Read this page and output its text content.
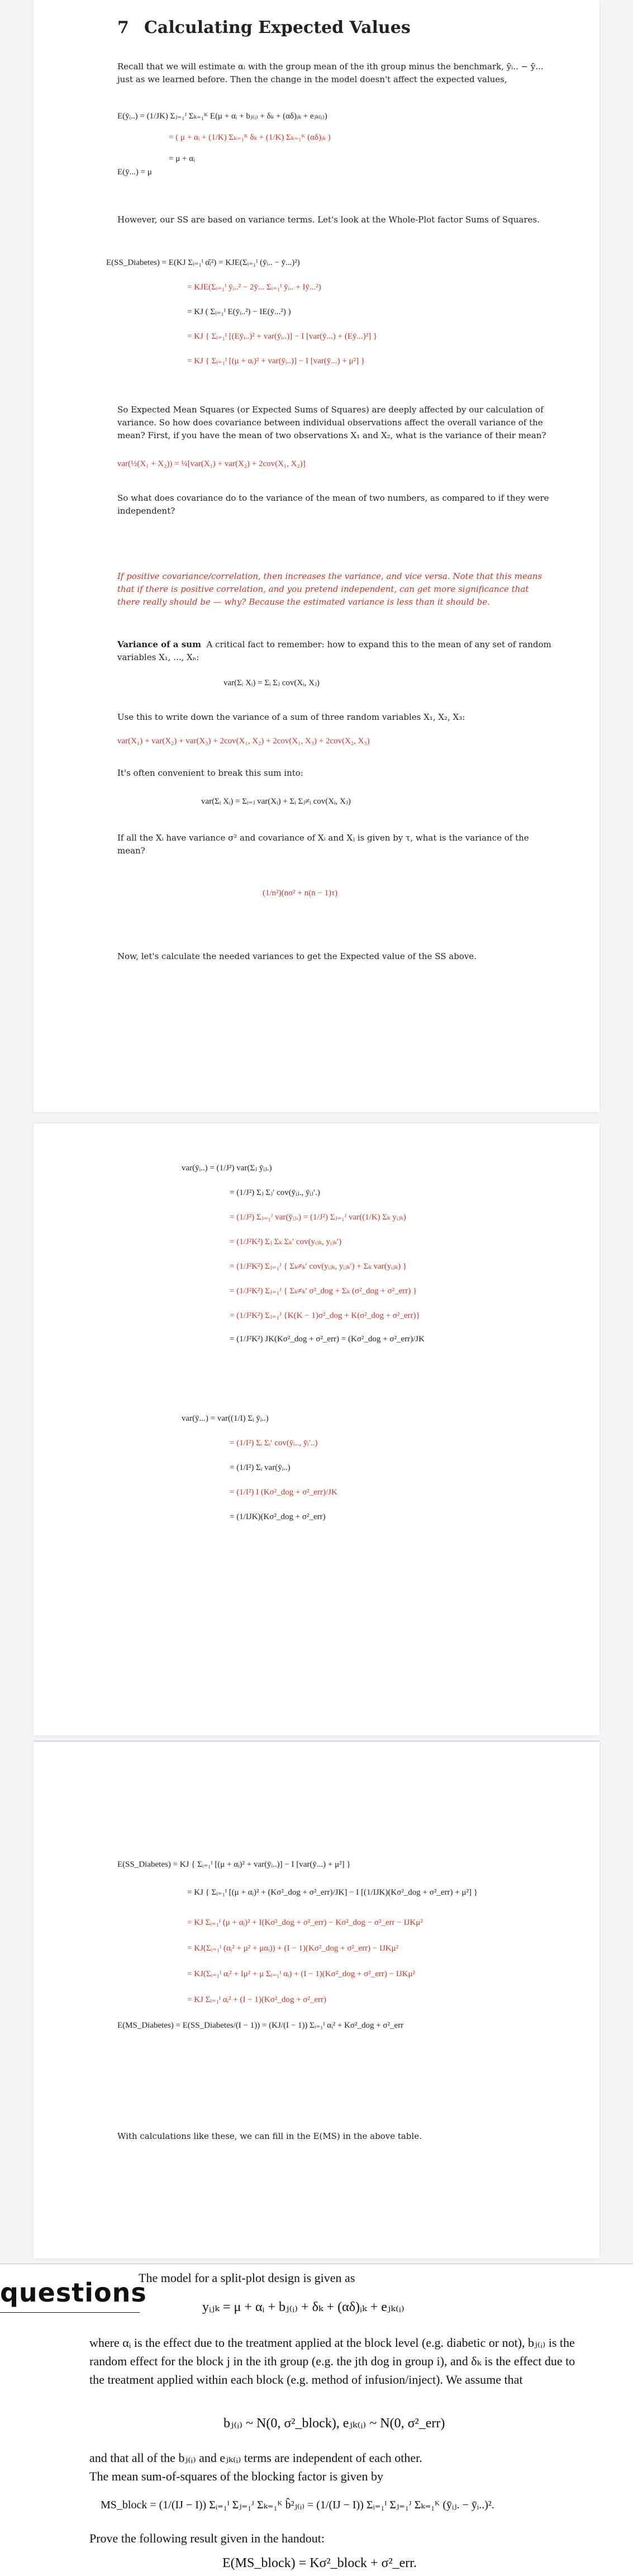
7 Calculating Expected Values
Recall that we will estimate αᵢ with the group mean of the ith group minus the benchmark, ȳᵢ.. − ȳ... just as we learned before. Then the change in the model doesn't affect the expected values,
E(ȳᵢ..) = (1/JK) Σⱼ₌₁ᴶ Σₖ₌₁ᴷ E(μ + αᵢ + bⱼ₍ᵢ₎ + δₖ + (αδ)ᵢₖ + eⱼₖ₍ᵢ₎)
= ( μ + αᵢ + (1/K) Σₖ₌₁ᴷ δₖ + (1/K) Σₖ₌₁ᴷ (αδ)ᵢₖ )
= μ + αᵢ
E(ȳ...) = μ
However, our SS are based on variance terms. Let's look at the Whole-Plot factor Sums of Squares.
E(SS_Diabetes) = E(KJ Σᵢ₌₁ᴵ α̂ᵢ²) = KJE(Σᵢ₌₁ᴵ (ȳᵢ.. − ȳ...)²)
= KJE(Σᵢ₌₁ᴵ ȳᵢ..² − 2ȳ... Σᵢ₌₁ᴵ ȳᵢ.. + Iȳ...²)
= KJ ( Σᵢ₌₁ᴵ E(ȳᵢ..²) − IE(ȳ...²) )
= KJ { Σᵢ₌₁ᴵ [(Eȳᵢ..)² + var(ȳᵢ..)] − I [var(ȳ...) + (Eȳ...)²] }
= KJ { Σᵢ₌₁ᴵ [(μ + αᵢ)² + var(ȳᵢ..)] − I [var(ȳ...) + μ²] }
So Expected Mean Squares (or Expected Sums of Squares) are deeply affected by our calculation of variance. So how does covariance between individual observations affect the overall variance of the mean? First, if you have the mean of two observations X₁ and X₂, what is the variance of their mean?
var(½(X₁ + X₂)) = ¼[var(X₁) + var(X₂) + 2cov(X₁, X₂)]
So what does covariance do to the variance of the mean of two numbers, as compared to if they were independent?
If positive covariance/correlation, then increases the variance, and vice versa. Note that this means that if there is positive correlation, and you pretend independent, can get more significance that there really should be — why? Because the estimated variance is less than it should be.
Variance of a sum A critical fact to remember: how to expand this to the mean of any set of random variables X₁, ..., Xₙ:
var(Σᵢ Xᵢ) = Σᵢ Σⱼ cov(Xᵢ, Xⱼ)
Use this to write down the variance of a sum of three random variables X₁, X₂, X₃:
var(X₁) + var(X₂) + var(X₃) + 2cov(X₁, X₂) + 2cov(X₁, X₃) + 2cov(X₂, X₃)
It's often convenient to break this sum into:
var(Σᵢ Xᵢ) = Σᵢ₌ⱼ var(Xᵢ) + Σᵢ Σⱼ≠ᵢ cov(Xᵢ, Xⱼ)
If all the Xᵢ have variance σ² and covariance of Xᵢ and Xⱼ is given by τ, what is the variance of the mean?
(1/n²)(nσ² + n(n − 1)τ)
Now, let's calculate the needed variances to get the Expected value of the SS above.
var(ȳᵢ..) = (1/J²) var(Σⱼ ȳᵢⱼ.)
= (1/J²) Σⱼ Σⱼ′ cov(ȳᵢⱼ., ȳᵢⱼ′.)
= (1/J²) Σⱼ₌₁ᴶ var(ȳᵢⱼ.) = (1/J²) Σⱼ₌₁ᴶ var((1/K) Σₖ yᵢⱼₖ)
= (1/J²K²) Σⱼ Σₖ Σₖ′ cov(yᵢⱼₖ, yᵢⱼₖ′)
= (1/J²K²) Σⱼ₌₁ᴶ { Σₖ≠ₖ′ cov(yᵢⱼₖ, yᵢⱼₖ′) + Σₖ var(yᵢⱼₖ) }
= (1/J²K²) Σⱼ₌₁ᴶ { Σₖ≠ₖ′ σ²_dog + Σₖ (σ²_dog + σ²_err) }
= (1/J²K²) Σⱼ₌₁ᴶ {K(K − 1)σ²_dog + K(σ²_dog + σ²_err)}
= (1/J²K²) JK(Kσ²_dog + σ²_err) = (Kσ²_dog + σ²_err)/JK
var(ȳ...) = var((1/I) Σᵢ ȳᵢ..)
= (1/I²) Σᵢ Σᵢ′ cov(ȳᵢ.., ȳᵢ′..)
= (1/I²) Σᵢ var(ȳᵢ..)
= (1/I²) I (Kσ²_dog + σ²_err)/JK
= (1/IJK)(Kσ²_dog + σ²_err)
E(SS_Diabetes) = KJ { Σᵢ₌₁ᴵ [(μ + αᵢ)² + var(ȳᵢ..)] − I [var(ȳ...) + μ²] }
= KJ { Σᵢ₌₁ᴵ [(μ + αᵢ)² + (Kσ²_dog + σ²_err)/JK] − I [(1/IJK)(Kσ²_dog + σ²_err) + μ²] }
= KJ Σᵢ₌₁ᴵ (μ + αᵢ)² + I(Kσ²_dog + σ²_err) − Kσ²_dog − σ²_err − IJKμ²
= KJ(Σᵢ₌₁ᴵ (αᵢ² + μ² + μαᵢ)) + (I − 1)(Kσ²_dog + σ²_err) − IJKμ²
= KJ(Σᵢ₌₁ᴵ αᵢ² + Iμ² + μ Σᵢ₌₁ᴵ αᵢ) + (I − 1)(Kσ²_dog + σ²_err) − IJKμ²
= KJ Σᵢ₌₁ᴵ αᵢ² + (I − 1)(Kσ²_dog + σ²_err)
E(MS_Diabetes) = E(SS_Diabetes/(I − 1)) = (KJ/(I − 1)) Σᵢ₌₁ᴵ αᵢ² + Kσ²_dog + σ²_err
With calculations like these, we can fill in the E(MS) in the above table.
questions
The model for a split-plot design is given as
yᵢⱼₖ = μ + αᵢ + bⱼ₍ᵢ₎ + δₖ + (αδ)ᵢₖ + eⱼₖ₍ᵢ₎
where αᵢ is the effect due to the treatment applied at the block level (e.g. diabetic or not), bⱼ₍ᵢ₎ is the random effect for the block j in the ith group (e.g. the jth dog in group i), and δₖ is the effect due to the treatment applied within each block (e.g. method of infusion/inject). We assume that
bⱼ₍ᵢ₎ ~ N(0, σ²_block), eⱼₖ₍ᵢ₎ ~ N(0, σ²_err)
and that all of the bⱼ₍ᵢ₎ and eⱼₖ₍ᵢ₎ terms are independent of each other.
The mean sum-of-squares of the blocking factor is given by
MS_block = (1/(IJ − I)) Σᵢ₌₁ᴵ Σⱼ₌₁ᴶ Σₖ₌₁ᴷ b̂²ⱼ₍ᵢ₎ = (1/(IJ − I)) Σᵢ₌₁ᴵ Σⱼ₌₁ᴶ Σₖ₌₁ᴷ (ȳᵢⱼ. − ȳᵢ..)².
Prove the following result given in the handout:
E(MS_block) = Kσ²_block + σ²_err.
